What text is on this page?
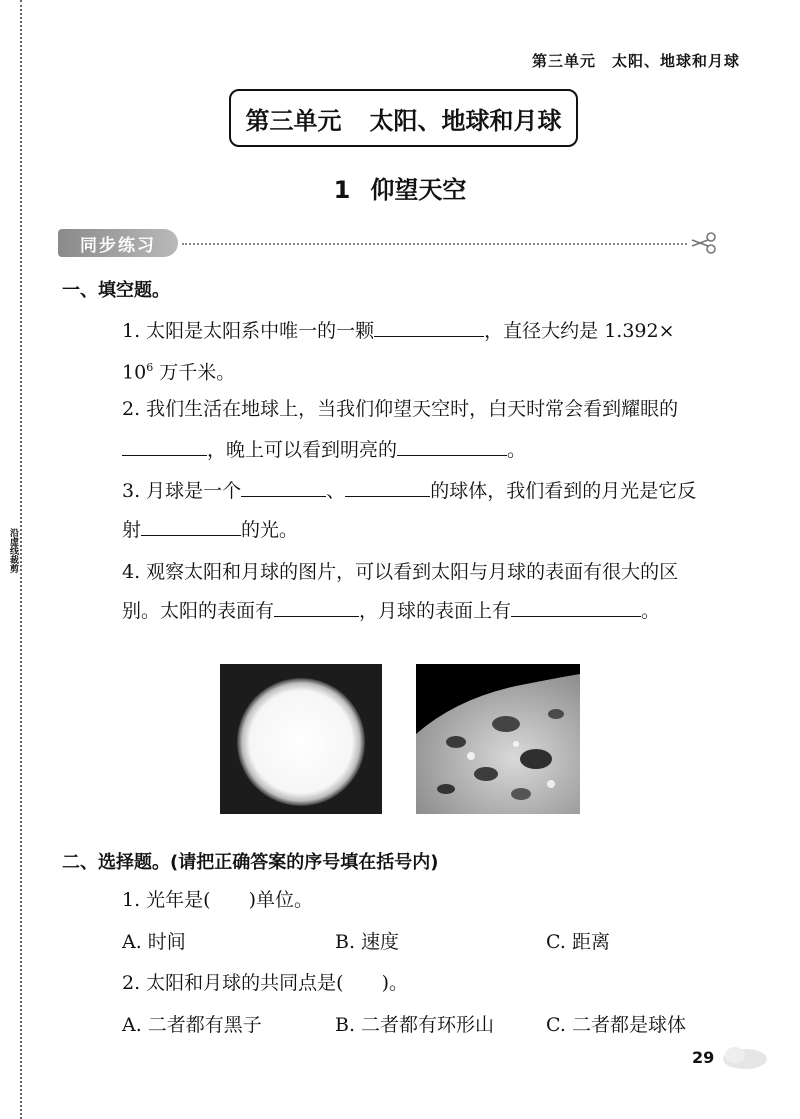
沿虚线裁剪
第三单元　太阳、地球和月球
第三单元 太阳、地球和月球
1 仰望天空
同步练习
一、填空题。
1. 太阳是太阳系中唯一的一颗	，直径大约是 1.392×
$10^6$ 万千米。
2. 我们生活在地球上，当我们仰望天空时，白天时常会看到耀眼的
，晚上可以看到明亮的	。
3. 月球是一个	、	的球体，我们看到的月光是它反
射	的光。
4. 观察太阳和月球的图片，可以看到太阳与月球的表面有很大的区
别。太阳的表面有	，月球的表面上有	。
二、选择题。(请把正确答案的序号填在括号内)
1. 光年是(　　)单位。
A. 时间	B. 速度	C. 距离
2. 太阳和月球的共同点是(　　)。
A. 二者都有黑子	B. 二者都有环形山	C. 二者都是球体
29
